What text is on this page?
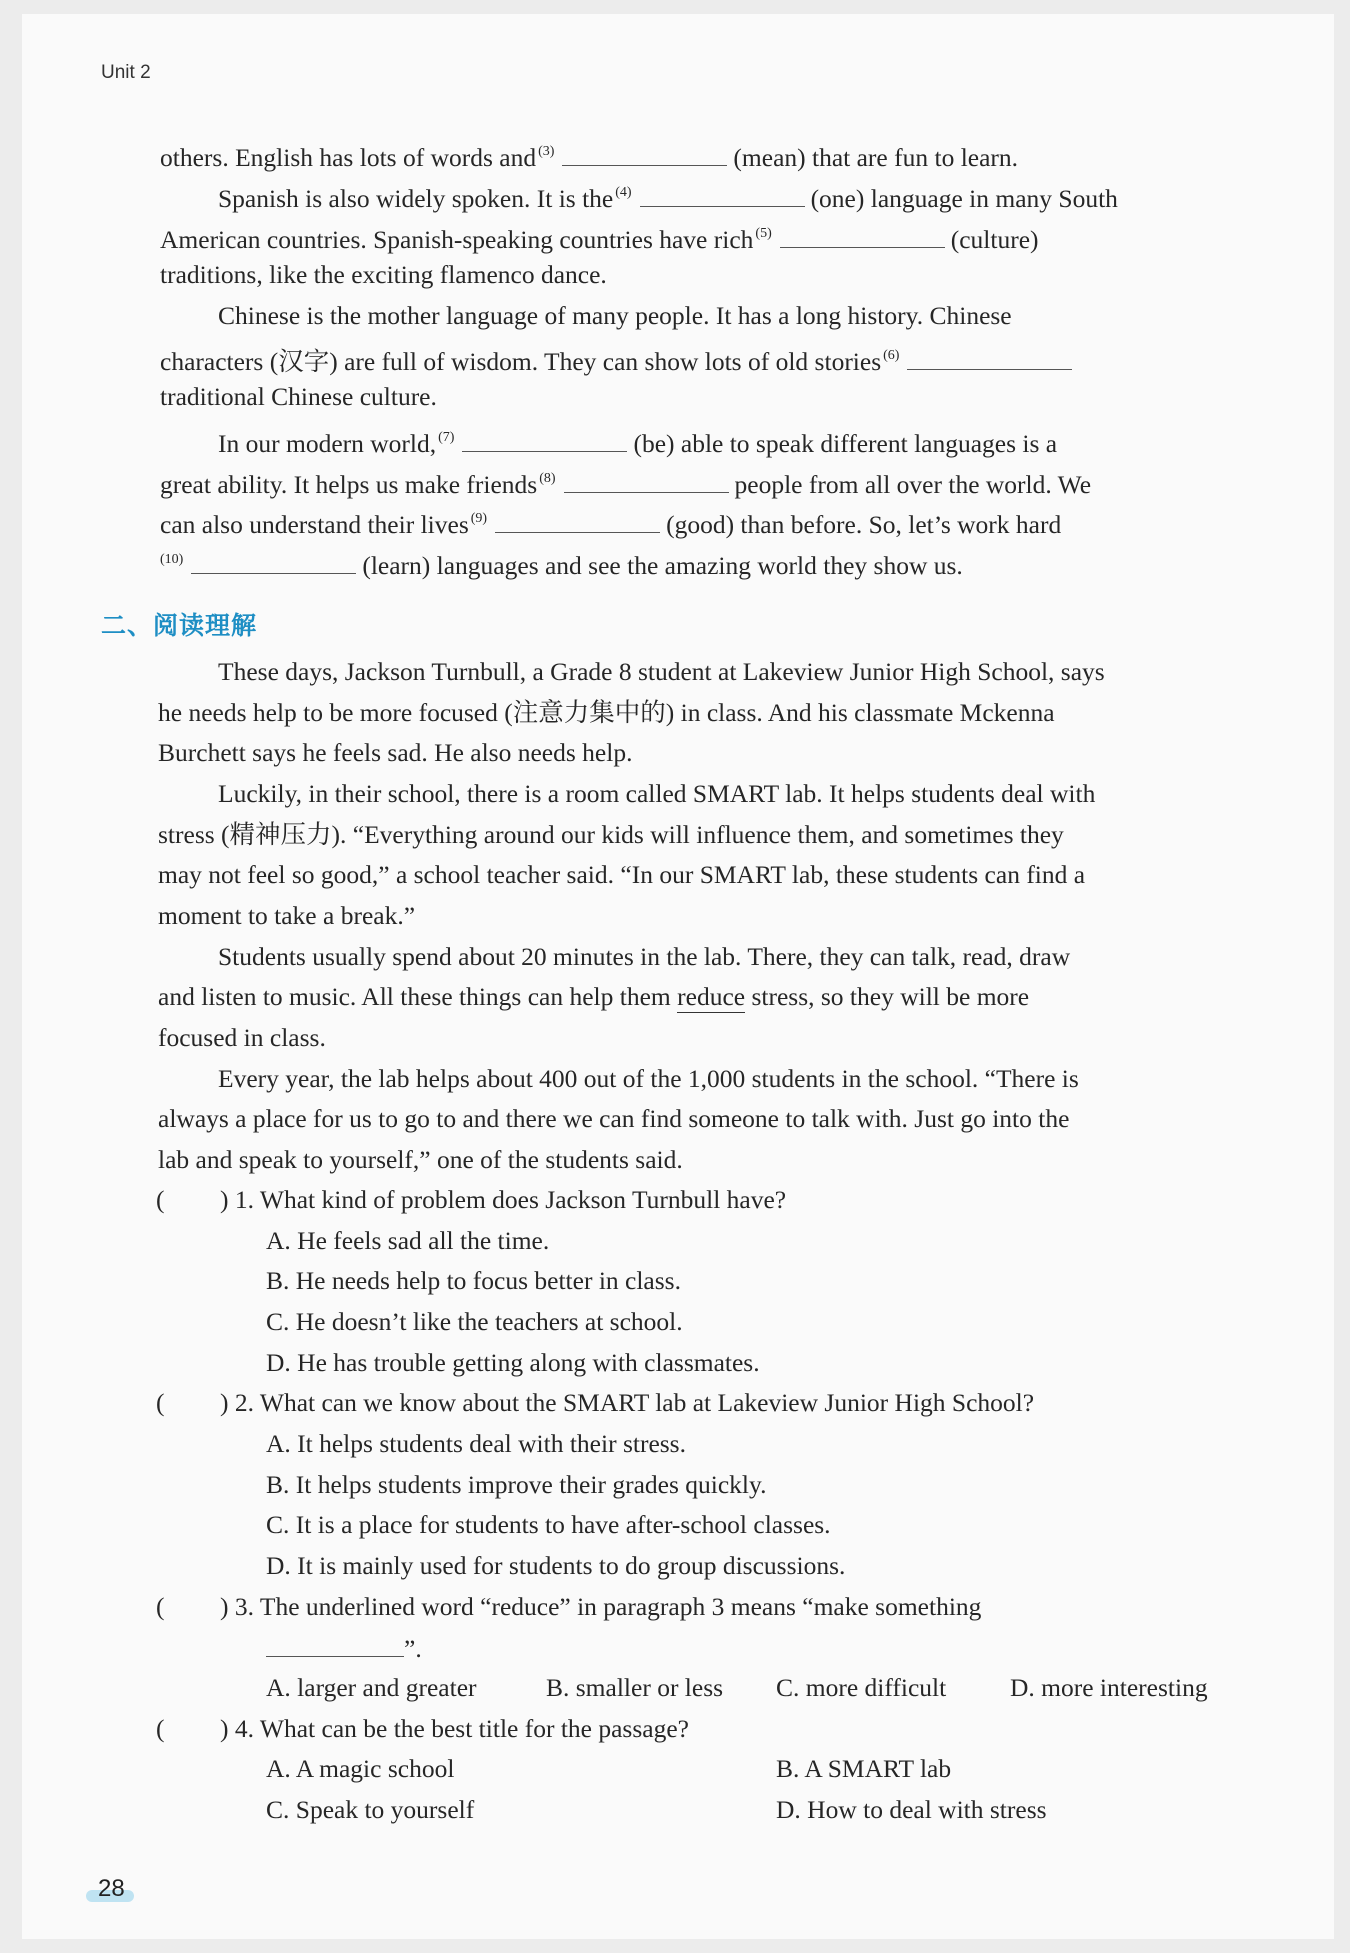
Unit 2
others. English has lots of words and $^{(3)}$	(mean) that are fun to learn.
Spanish is also widely spoken. It is the $^{(4)}$	(one) language in many South
American countries. Spanish-speaking countries have rich $^{(5)}$	(culture)
traditions, like the exciting flamenco dance.
Chinese is the mother language of many people. It has a long history. Chinese
characters (汉字) are full of wisdom. They can show lots of old stories $^{(6)}$
traditional Chinese culture.
In our modern world, $^{(7)}$	(be) able to speak different languages is a
great ability. It helps us make friends $^{(8)}$	people from all over the world. We
can also understand their lives $^{(9)}$	(good) than before. So, let’s work hard
$^{(10)}$	(learn) languages and see the amazing world they show us.
二、阅读理解
These days, Jackson Turnbull, a Grade 8 student at Lakeview Junior High School, says
he needs help to be more focused (注意力集中的) in class. And his classmate Mckenna
Burchett says he feels sad. He also needs help.
Luckily, in their school, there is a room called SMART lab. It helps students deal with
stress (精神压力). “Everything around our kids will influence them, and sometimes they
may not feel so good,” a school teacher said. “In our SMART lab, these students can find a
moment to take a break.”
Students usually spend about 20 minutes in the lab. There, they can talk, read, draw
and listen to music. All these things can help them reduce stress, so they will be more
focused in class.
Every year, the lab helps about 400 out of the 1,000 students in the school. “There is
always a place for us to go to and there we can find someone to talk with. Just go into the
lab and speak to yourself,” one of the students said.
( ) 1. What kind of problem does Jackson Turnbull have?
A. He feels sad all the time.
B. He needs help to focus better in class.
C. He doesn’t like the teachers at school.
D. He has trouble getting along with classmates.
( ) 2. What can we know about the SMART lab at Lakeview Junior High School?
A. It helps students deal with their stress.
B. It helps students improve their grades quickly.
C. It is a place for students to have after-school classes.
D. It is mainly used for students to do group discussions.
( ) 3. The underlined word “reduce” in paragraph 3 means “make something
”.
A. larger and greater	B. smaller or less C. more difficult	D. more interesting
( ) 4. What can be the best title for the passage?
A. A magic school	B. A SMART lab
C. Speak to yourself	D. How to deal with stress
28
